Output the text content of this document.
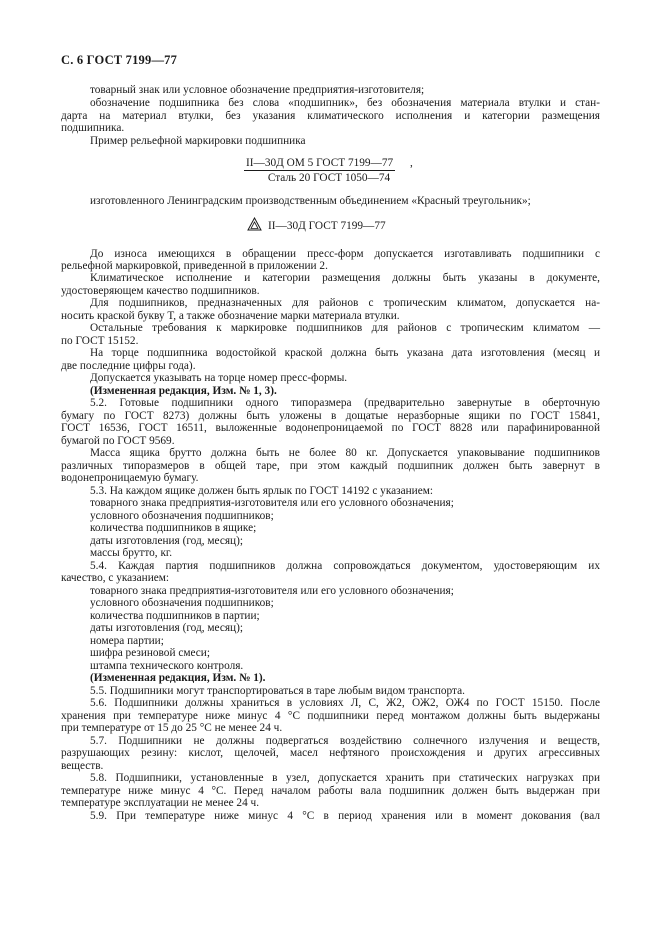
С. 6 ГОСТ 7199—77
товарный знак или условное обозначение предприятия-изготовителя;
обозначение подшипника без слова «подшипник», без обозначения материала втулки и стан-
дарта на материал втулки, без указания климатического исполнения и категории размещения
подшипника.
Пример рельефной маркировки подшипника
II—30Д ОМ 5 ГОСТ 7199—77
Сталь 20 ГОСТ 1050—74
,
изготовленного Ленинградским производственным объединением «Красный треугольник»;
II—30Д ГОСТ 7199—77
До износа имеющихся в обращении пресс-форм допускается изготавливать подшипники с
рельефной маркировкой, приведенной в приложении 2.
Климатическое исполнение и категории размещения должны быть указаны в документе,
удостоверяющем качество подшипников.
Для подшипников, предназначенных для районов с тропическим климатом, допускается на-
носить краской букву Т, а также обозначение марки материала втулки.
Остальные требования к маркировке подшипников для районов с тропическим климатом —
по ГОСТ 15152.
На торце подшипника водостойкой краской должна быть указана дата изготовления (месяц и
две последние цифры года).
Допускается указывать на торце номер пресс-формы.
(Измененная редакция, Изм. № 1, 3).
5.2. Готовые подшипники одного типоразмера (предварительно завернутые в оберточную
бумагу по ГОСТ 8273) должны быть уложены в дощатые неразборные ящики по ГОСТ 15841,
ГОСТ 16536, ГОСТ 16511, выложенные водонепроницаемой по ГОСТ 8828 или парафинированной
бумагой по ГОСТ 9569.
Масса ящика брутто должна быть не более 80 кг. Допускается упаковывание подшипников
различных типоразмеров в общей таре, при этом каждый подшипник должен быть завернут в
водонепроницаемую бумагу.
5.3. На каждом ящике должен быть ярлык по ГОСТ 14192 с указанием:
товарного знака предприятия-изготовителя или его условного обозначения;
условного обозначения подшипников;
количества подшипников в ящике;
даты изготовления (год, месяц);
массы брутто, кг.
5.4. Каждая партия подшипников должна сопровождаться документом, удостоверяющим их
качество, с указанием:
товарного знака предприятия-изготовителя или его условного обозначения;
условного обозначения подшипников;
количества подшипников в партии;
даты изготовления (год, месяц);
номера партии;
шифра резиновой смеси;
штампа технического контроля.
(Измененная редакция, Изм. № 1).
5.5. Подшипники могут транспортироваться в таре любым видом транспорта.
5.6. Подшипники должны храниться в условиях Л, С, Ж2, ОЖ2, ОЖ4 по ГОСТ 15150. После
хранения при температуре ниже минус 4 °С подшипники перед монтажом должны быть выдержаны
при температуре от 15 до 25 °С не менее 24 ч.
5.7. Подшипники не должны подвергаться воздействию солнечного излучения и веществ,
разрушающих резину: кислот, щелочей, масел нефтяного происхождения и других агрессивных
веществ.
5.8. Подшипники, установленные в узел, допускается хранить при статических нагрузках при
температуре ниже минус 4 °С. Перед началом работы вала подшипник должен быть выдержан при
температуре эксплуатации не менее 24 ч.
5.9. При температуре ниже минус 4 °С в период хранения или в момент докования (вал
